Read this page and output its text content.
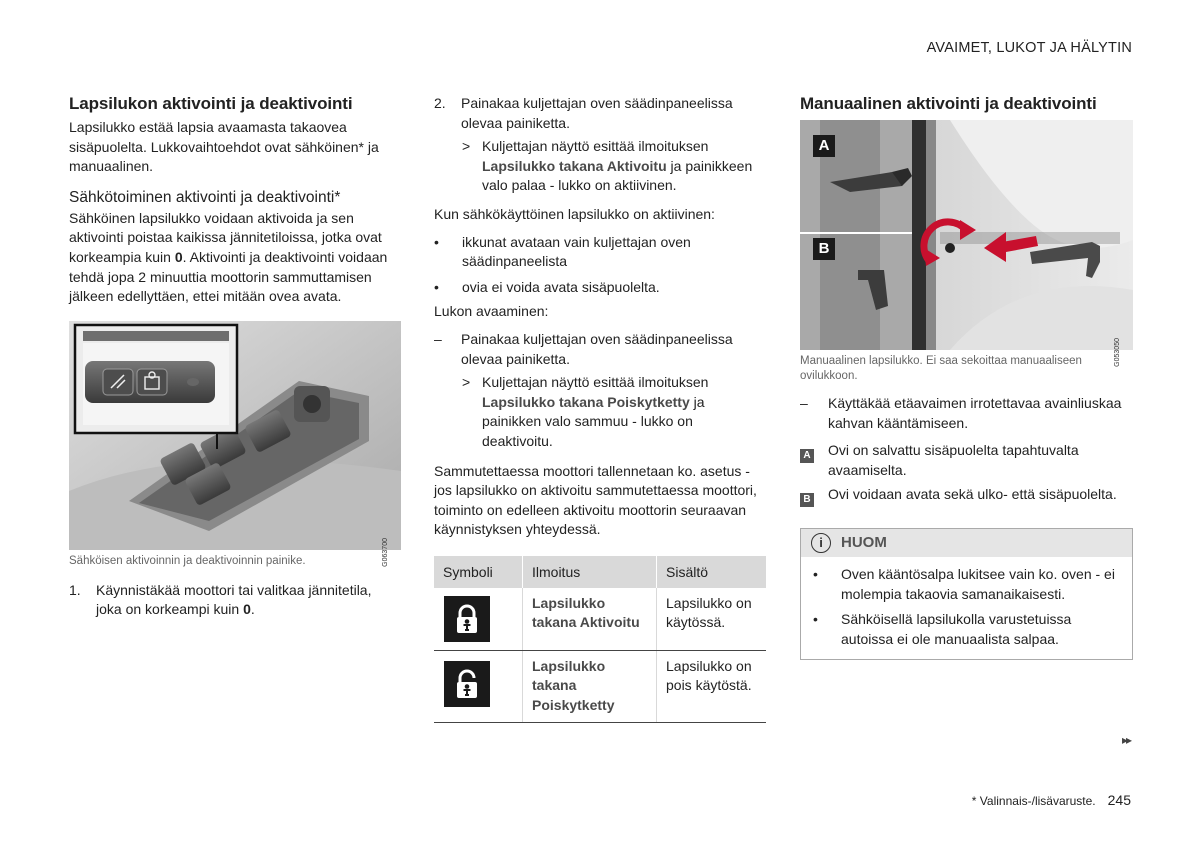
AVAIMET, LUKOT JA HÄLYTIN
Lapsilukon aktivointi ja deaktivointi

Lapsilukko estää lapsia avaamasta takaovea sisäpuolelta. Lukkovaihtoehdot ovat sähköinen* ja manuaalinen.

Sähkötoiminen aktivointi ja deaktivointi*

Sähköinen lapsilukko voidaan aktivoida ja sen aktivointi poistaa kaikissa jännitetiloissa, jotka ovat korkeampia kuin 0. Aktivointi ja deaktivointi voidaan tehdä jopa 2 minuuttia moottorin sammuttamisen jälkeen edellyttäen, ettei mitään ovea avata.

G063700
Sähköisen aktivoinnin ja deaktivoinnin painike.
1.	Käynnistäkää moottori tai valitkaa jännitetila, joka on korkeampi kuin 0.
2.	Painakaa kuljettajan oven säädinpaneelissa olevaa painiketta.
> Kuljettajan näyttö esittää ilmoituksen Lapsilukko takana Aktivoitu ja painikkeen valo palaa - lukko on aktiivinen.

Kun sähkökäyttöinen lapsilukko on aktiivinen:

•	ikkunat avataan vain kuljettajan oven säädinpaneelista
•	ovia ei voida avata sisäpuolelta.

Lukon avaaminen:

–	Painakaa kuljettajan oven säädinpaneelissa olevaa painiketta.
> Kuljettajan näyttö esittää ilmoituksen Lapsilukko takana Poiskytketty ja painikken valo sammuu - lukko on deaktivoitu.

Sammutettaessa moottori tallennetaan ko. asetus - jos lapsilukko on aktivoitu sammutettaessa moottori, toiminto on edelleen aktivoitu moottorin seuraavan käynnistyksen yhteydessä.

Symboli	Ilmoitus	Sisältö

	Lapsilukko takana Aktivoitu	Lapsilukko on käytössä.

	Lapsilukko takana Poiskytketty	Lapsilukko on pois käytöstä.
Manuaalinen aktivointi ja deaktivointi
A
B
G053050
Manuaalinen lapsilukko. Ei saa sekoittaa manuaaliseen ovilukkoon.
–	Käyttäkää etäavaimen irrotettavaa avainliuskaa kahvan kääntämiseen.
A	Ovi on salvattu sisäpuolelta tapahtuvalta avaamiselta.
B	Ovi voidaan avata sekä ulko- että sisäpuolelta.
i	HUOM
•	Oven kääntösalpa lukitsee vain ko. oven - ei molempia takaovia samanaikaisesti.
•	Sähköisellä lapsilukolla varustetuissa autoissa ei ole manuaalista salpaa.
▸▸
* Valinnais-/lisävaruste. 245
